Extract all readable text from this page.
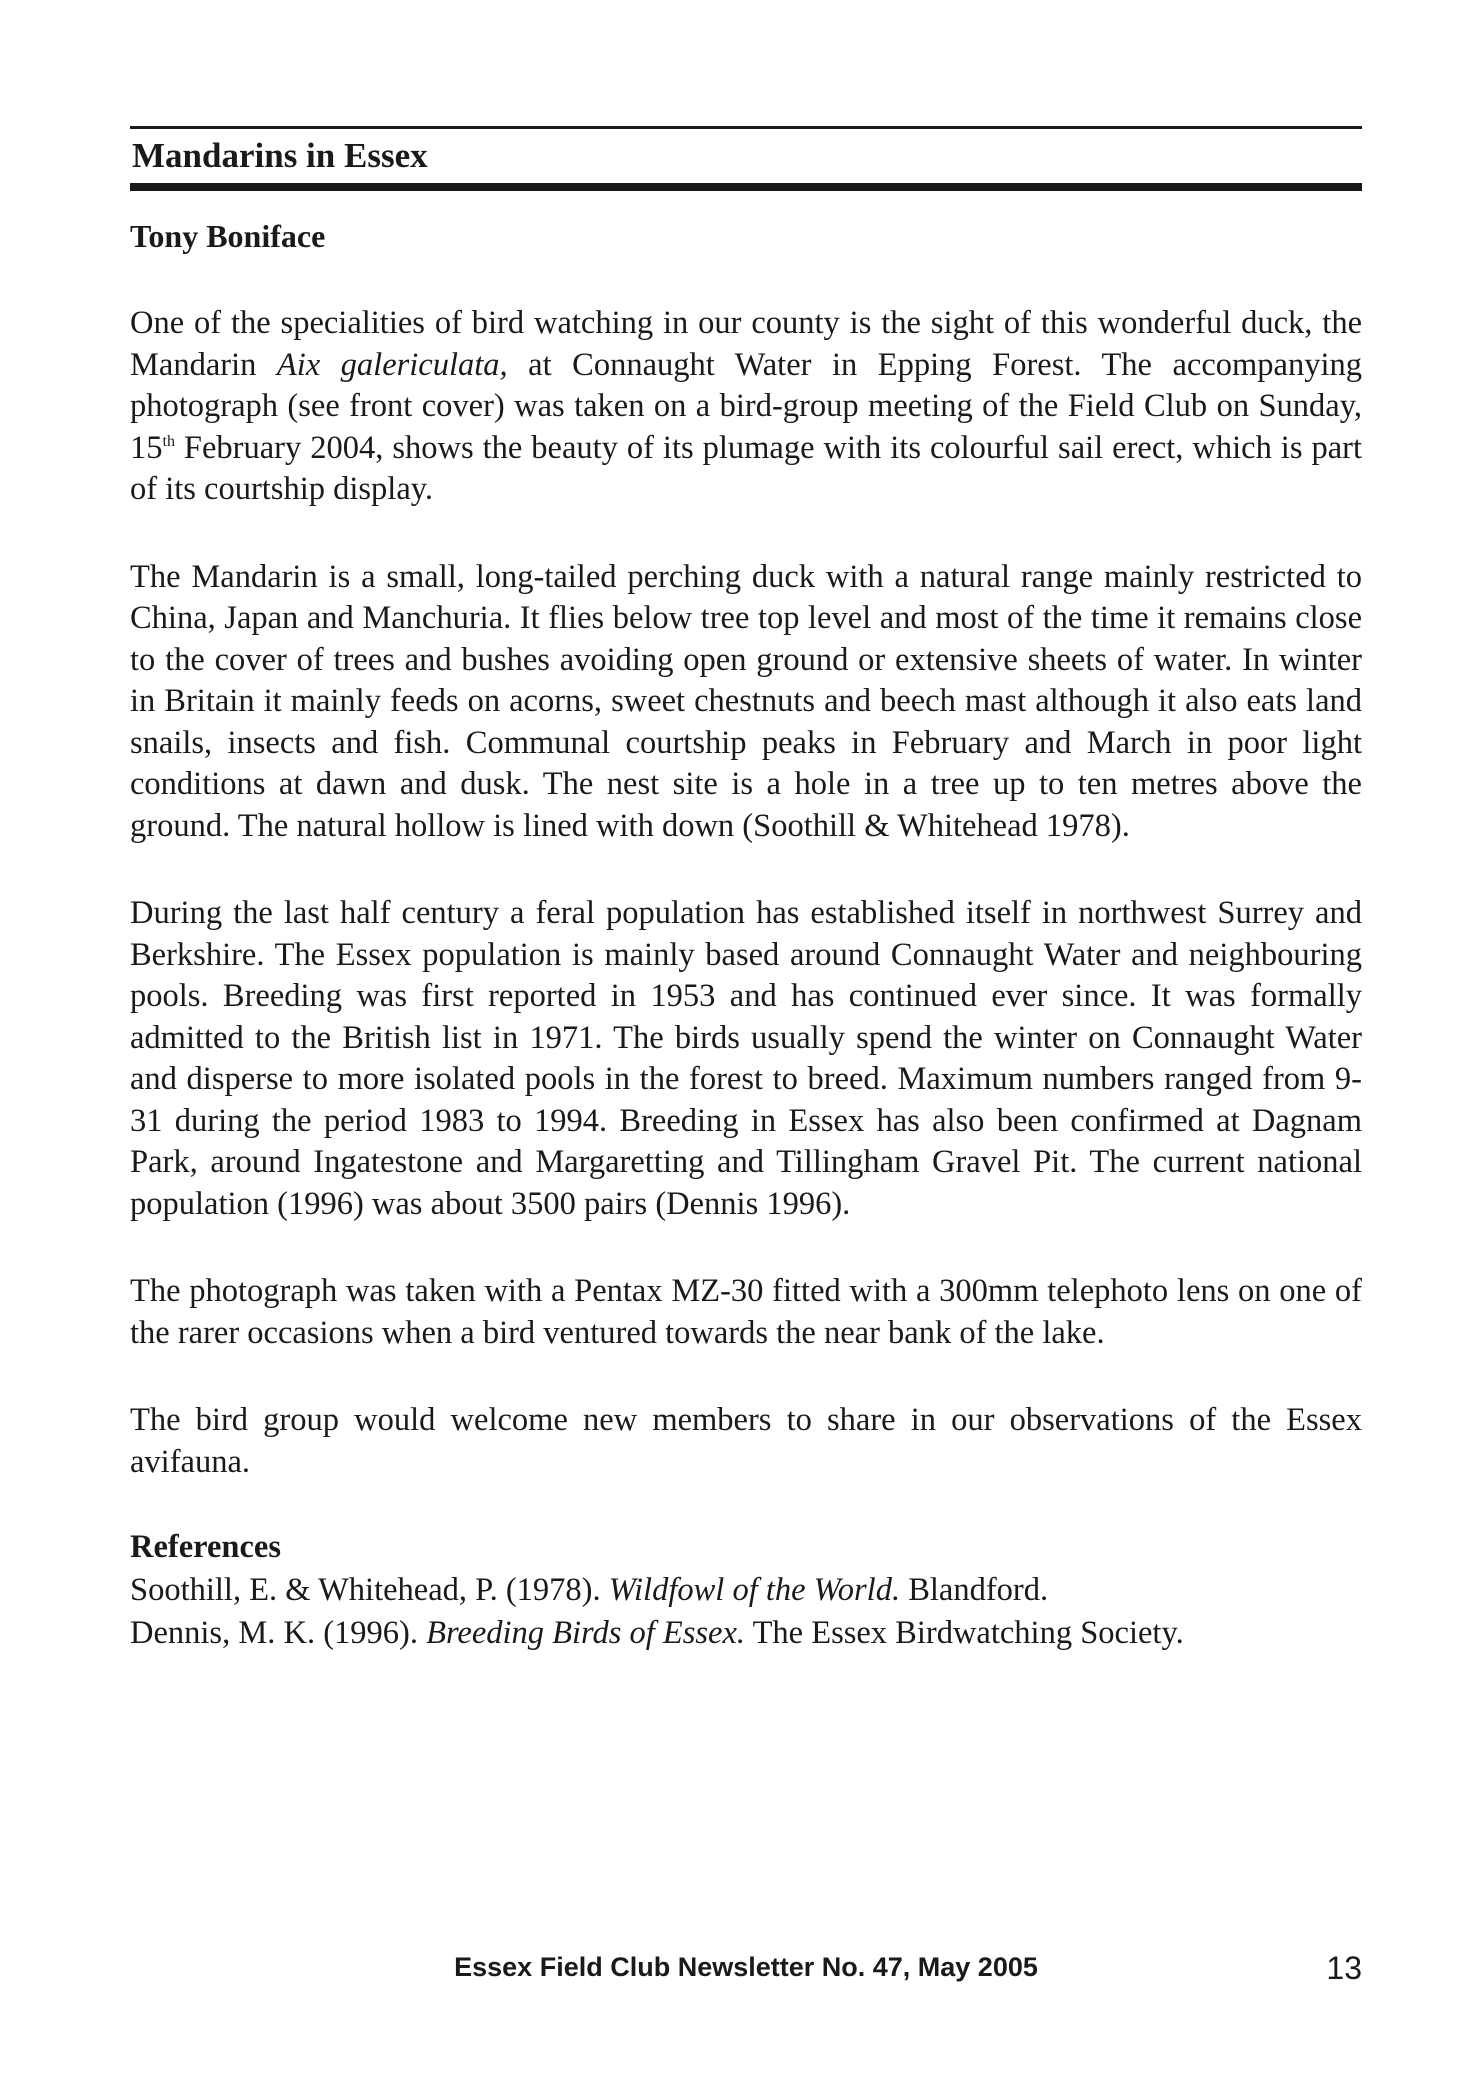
Mandarins in Essex
Tony Boniface

One of the specialities of bird watching in our county is the sight of this wonderful duck, the Mandarin Aix galericulata, at Connaught Water in Epping Forest. The accompanying photograph (see front cover) was taken on a bird-group meeting of the Field Club on Sunday, 15th February 2004, shows the beauty of its plumage with its colourful sail erect, which is part of its courtship display.

The Mandarin is a small, long-tailed perching duck with a natural range mainly restricted to China, Japan and Manchuria. It flies below tree top level and most of the time it remains close to the cover of trees and bushes avoiding open ground or extensive sheets of water. In winter in Britain it mainly feeds on acorns, sweet chestnuts and beech mast although it also eats land snails, insects and fish. Communal courtship peaks in February and March in poor light conditions at dawn and dusk. The nest site is a hole in a tree up to ten metres above the ground. The natural hollow is lined with down (Soothill & Whitehead 1978).

During the last half century a feral population has established itself in northwest Surrey and Berkshire. The Essex population is mainly based around Connaught Water and neighbouring pools. Breeding was first reported in 1953 and has continued ever since. It was formally admitted to the British list in 1971. The birds usually spend the winter on Connaught Water and disperse to more isolated pools in the forest to breed. Maximum numbers ranged from 9-31 during the period 1983 to 1994. Breeding in Essex has also been confirmed at Dagnam Park, around Ingatestone and Margaretting and Tillingham Gravel Pit. The current national population (1996) was about 3500 pairs (Dennis 1996).

The photograph was taken with a Pentax MZ-30 fitted with a 300mm telephoto lens on one of the rarer occasions when a bird ventured towards the near bank of the lake.

The bird group would welcome new members to share in our observations of the Essex avifauna.

References
Soothill, E. & Whitehead, P. (1978). Wildfowl of the World. Blandford.
Dennis, M. K. (1996). Breeding Birds of Essex. The Essex Birdwatching Society.
Essex Field Club Newsletter No. 47, May 2005	13
